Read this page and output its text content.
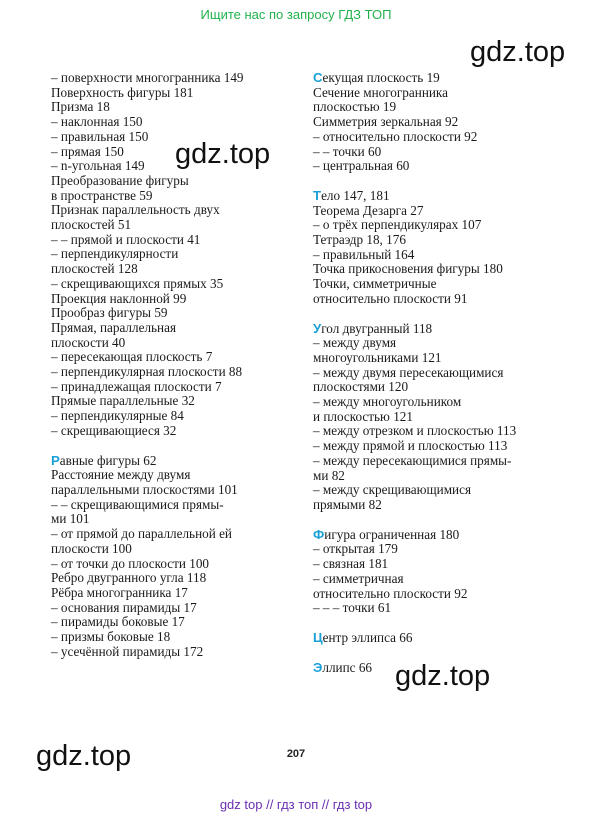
Ищите нас по запросу ГДЗ ТОП
– поверхности многогранника 149
Поверхность фигуры 181
Призма 18
– наклонная 150
– правильная 150
– прямая 150
– n-угольная 149
Преобразование фигуры
в пространстве 59
Признак параллельность двух
плоскостей 51
– – прямой и плоскости 41
– перпендикулярности
плоскостей 128
– скрещивающихся прямых 35
Проекция наклонной 99
Прообраз фигуры 59
Прямая, параллельная
плоскости 40
– пересекающая плоскость 7
– перпендикулярная плоскости 88
– принадлежащая плоскости 7
Прямые параллельные 32
– перпендикулярные 84
– скрещивающиеся 32
Равные фигуры 62
Расстояние между двумя
параллельными плоскостями 101
– – скрещивающимися прямы-
ми 101
– от прямой до параллельной ей
плоскости 100
– от точки до плоскости 100
Ребро двугранного угла 118
Рёбра многогранника 17
– основания пирамиды 17
– пирамиды боковые 17
– призмы боковые 18
– усечённой пирамиды 172
Секущая плоскость 19
Сечение многогранника
плоскостью 19
Симметрия зеркальная 92
– относительно плоскости 92
– – точки 60
– центральная 60
Тело 147, 181
Теорема Дезарга 27
– о трёх перпендикулярах 107
Тетраэдр 18, 176
– правильный 164
Точка прикосновения фигуры 180
Точки, симметричные
относительно плоскости 91
Угол двугранный 118
– между двумя
многоугольниками 121
– между двумя пересекающимися
плоскостями 120
– между многоугольником
и плоскостью 121
– между отрезком и плоскостью 113
– между прямой и плоскостью 113
– между пересекающимися прямы-
ми 82
– между скрещивающимися
прямыми 82
Фигура ограниченная 180
– открытая 179
– связная 181
– симметричная
относительно плоскости 92
– – – точки 61
Центр эллипса 66
Эллипс 66
gdz.top
gdz.top
gdz.top
gdz.top	207
gdz top // гдз топ // гдз top
